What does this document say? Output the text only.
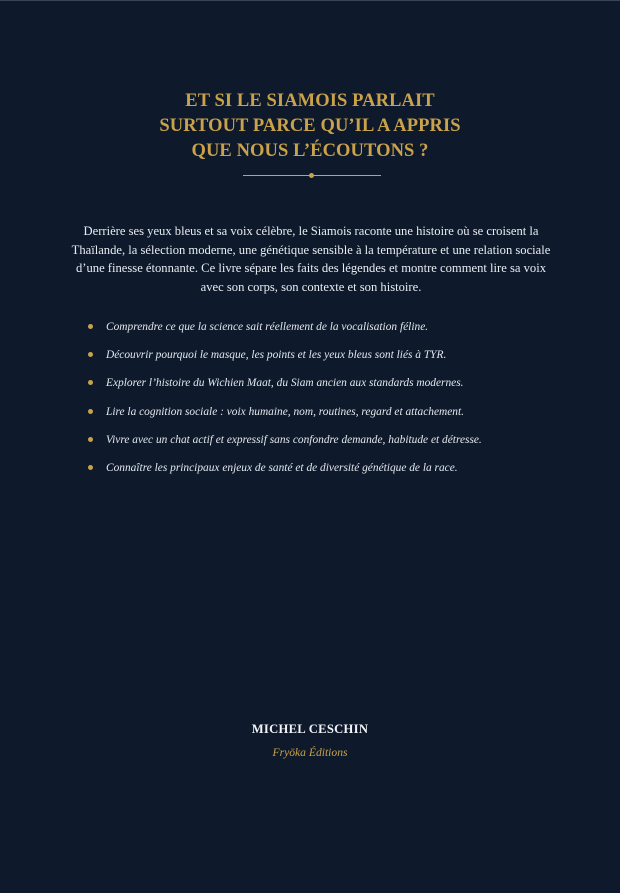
ET SI LE SIAMOIS PARLAIT
SURTOUT PARCE QU’IL A APPRIS
QUE NOUS L’ÉCOUTONS ?
Derrière ses yeux bleus et sa voix célèbre, le Siamois raconte une histoire où se croisent la Thaïlande, la sélection moderne, une génétique sensible à la température et une relation sociale d’une finesse étonnante. Ce livre sépare les faits des légendes et montre comment lire sa voix avec son corps, son contexte et son histoire.
Comprendre ce que la science sait réellement de la vocalisation féline.
Découvrir pourquoi le masque, les points et les yeux bleus sont liés à TYR.
Explorer l’histoire du Wichien Maat, du Siam ancien aux standards modernes.
Lire la cognition sociale : voix humaine, nom, routines, regard et attachement.
Vivre avec un chat actif et expressif sans confondre demande, habitude et détresse.
Connaître les principaux enjeux de santé et de diversité génétique de la race.
MICHEL CESCHIN
Fryöka Éditions
